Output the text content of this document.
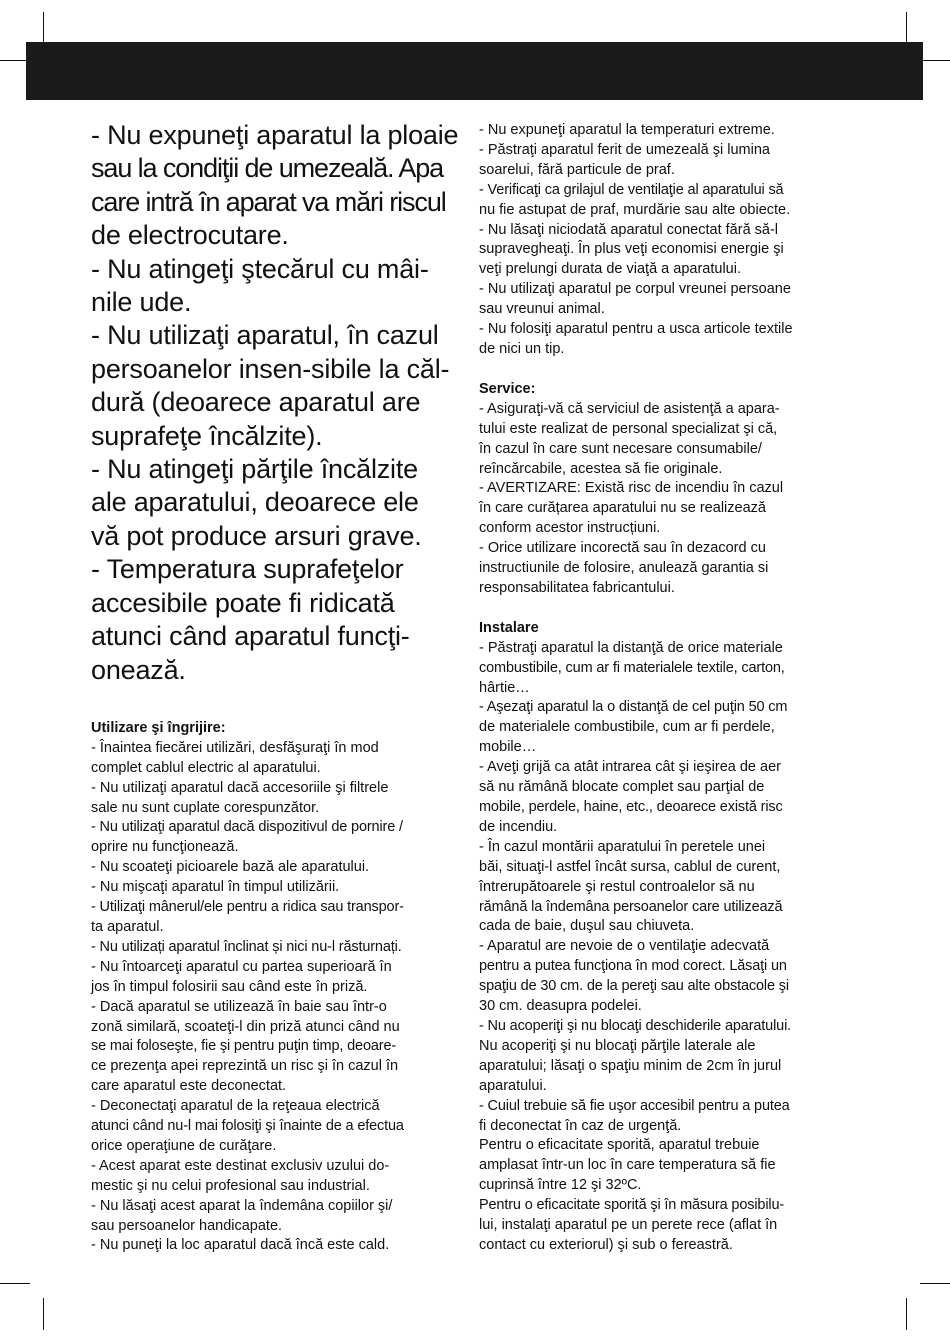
- Nu expuneţi aparatul la ploaie
sau la condiţii de umezeală. Apa
care intră în aparat va mări riscul
de electrocutare.
- Nu atingeţi ştecărul cu mâi-
nile ude.
- Nu utilizaţi aparatul, în cazul
persoanelor insen-sibile la căl-
dură (deoarece aparatul are
suprafeţe încălzite).
- Nu atingeţi părţile încălzite
ale aparatului, deoarece ele
vă pot produce arsuri grave.
- Temperatura suprafeţelor
accesibile poate fi ridicată
atunci când aparatul funcţi-
onează.
Utilizare şi îngrijire:
- Înaintea fiecărei utilizări, desfăşuraţi în mod
complet cablul electric al aparatului.
- Nu utilizaţi aparatul dacă accesoriile şi filtrele
sale nu sunt cuplate corespunzător.
- Nu utilizaţi aparatul dacă dispozitivul de pornire /
oprire nu funcţionează.
- Nu scoateţi picioarele bază ale aparatului.
- Nu mişcaţi aparatul în timpul utilizării.
- Utilizaţi mânerul/ele pentru a ridica sau transpor-
ta aparatul.
- Nu utilizați aparatul înclinat și nici nu-l răsturnați.
- Nu întoarceţi aparatul cu partea superioară în
jos în timpul folosirii sau când este în priză.
- Dacă aparatul se utilizează în baie sau într-o
zonă similară, scoateţi-l din priză atunci când nu
se mai foloseşte, fie şi pentru puţin timp, deoare-
ce prezenţa apei reprezintă un risc şi în cazul în
care aparatul este deconectat.
- Deconectaţi aparatul de la reţeaua electrică
atunci când nu-l mai folosiţi şi înainte de a efectua
orice operaţiune de curăţare.
- Acest aparat este destinat exclusiv uzului do-
mestic şi nu celui profesional sau industrial.
- Nu lăsaţi acest aparat la îndemâna copiilor şi/
sau persoanelor handicapate.
- Nu puneţi la loc aparatul dacă încă este cald.
- Nu expuneţi aparatul la temperaturi extreme.
- Păstraţi aparatul ferit de umezeală şi lumina
soarelui, fără particule de praf.
- Verificaţi ca grilajul de ventilaţie al aparatului să
nu fie astupat de praf, murdărie sau alte obiecte.
- Nu lăsaţi niciodată aparatul conectat fără să-l
supravegheaţi. În plus veţi economisi energie şi
veţi prelungi durata de viaţă a aparatului.
- Nu utilizaţi aparatul pe corpul vreunei persoane
sau vreunui animal.
- Nu folosiţi aparatul pentru a usca articole textile
de nici un tip.
Service:
- Asiguraţi-vă că serviciul de asistenţă a apara-
tului este realizat de personal specializat şi că,
în cazul în care sunt necesare consumabile/
reîncărcabile, acestea să fie originale.
- AVERTIZARE: Există risc de incendiu în cazul
în care curățarea aparatului nu se realizează
conform acestor instrucțiuni.
- Orice utilizare incorectă sau în dezacord cu
instructiunile de folosire, anulează garantia si
responsabilitatea fabricantului.
Instalare
- Păstraţi aparatul la distanţă de orice materiale
combustibile, cum ar fi materialele textile, carton,
hârtie…
- Aşezaţi aparatul la o distanţă de cel puţin 50 cm
de materialele combustibile, cum ar fi perdele,
mobile…
- Aveţi grijă ca atât intrarea cât şi ieşirea de aer
să nu rămână blocate complet sau parţial de
mobile, perdele, haine, etc., deoarece există risc
de incendiu.
- În cazul montării aparatului în peretele unei
băi, situaţi-l astfel încât sursa, cablul de curent,
întrerupătoarele şi restul controalelor să nu
rămână la îndemâna persoanelor care utilizează
cada de baie, duşul sau chiuveta.
- Aparatul are nevoie de o ventilaţie adecvată
pentru a putea funcţiona în mod corect. Lăsaţi un
spaţiu de 30 cm. de la pereţi sau alte obstacole şi
30 cm. deasupra podelei.
- Nu acoperiţi şi nu blocaţi deschiderile aparatului.
Nu acoperiţi şi nu blocaţi părţile laterale ale
aparatului; lăsaţi o spaţiu minim de 2cm în jurul
aparatului.
- Cuiul trebuie să fie uşor accesibil pentru a putea
fi deconectat în caz de urgenţă.
Pentru o eficacitate sporită, aparatul trebuie
amplasat într-un loc în care temperatura să fie
cuprinsă între 12 şi 32ºC.
Pentru o eficacitate sporită şi în măsura posibilu-
lui, instalaţi aparatul pe un perete rece (aflat în
contact cu exteriorul) şi sub o fereastră.
